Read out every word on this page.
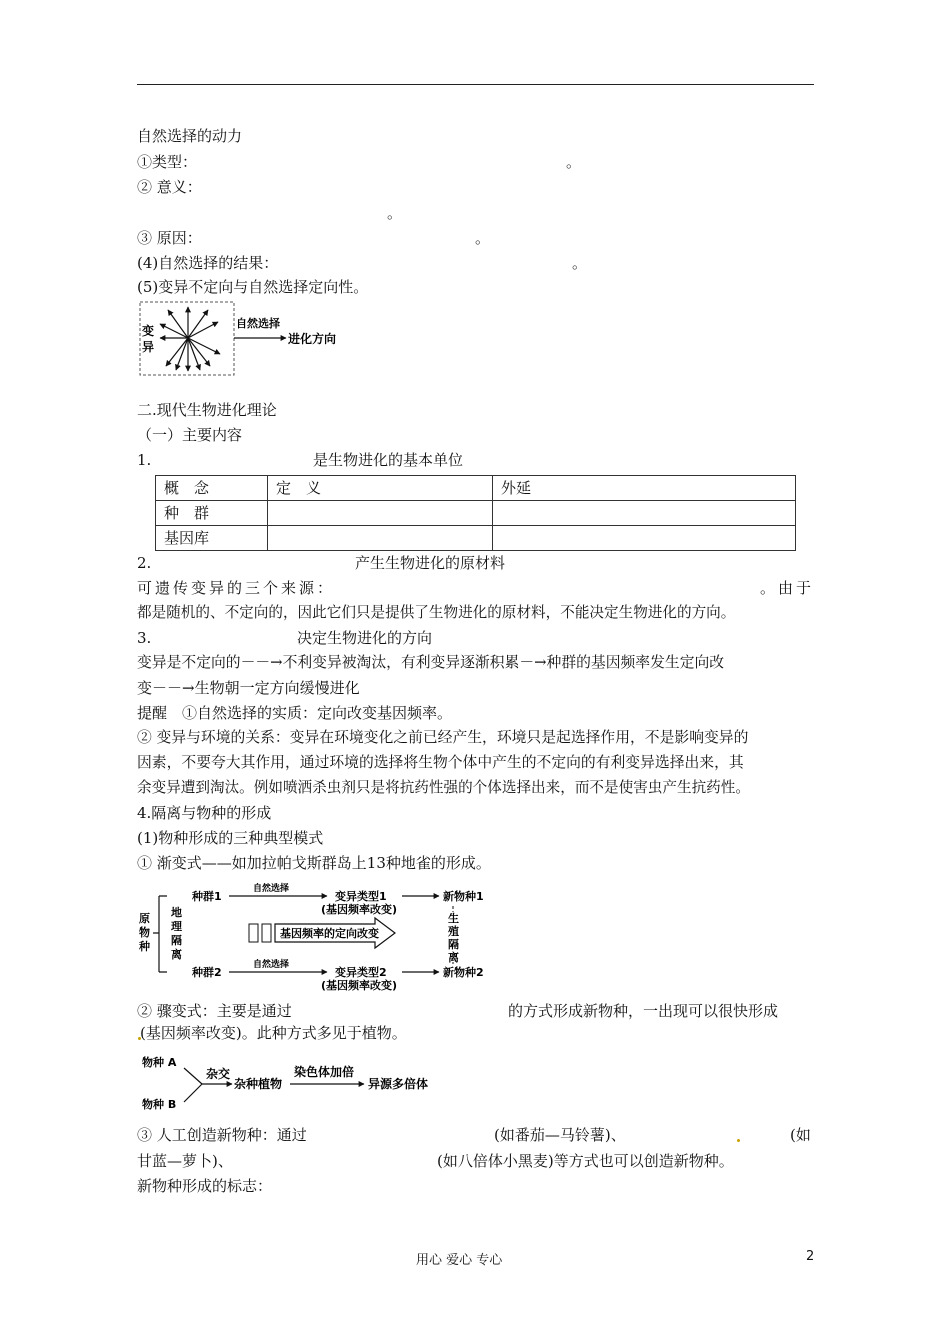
自然选择的动力
①类型：	。
② 意义：
。
③ 原因：	。
(4)自然选择的结果：	。
(5)变异不定向与自然选择定向性。
变
异
自然选择
进化方向
二.现代生物进化理论
（一）主要内容
1.	是生物进化的基本单位
概　念	定　义	外延
种　群		
基因库		
2.	产生生物进化的原材料
可遗传变异的三个来源：	。由于
都是随机的、不定向的，因此它们只是提供了生物进化的原材料，不能决定生物进化的方向。
3.	决定生物进化的方向
变异是不定向的－－→不利变异被淘汰，有利变异逐渐积累－→种群的基因频率发生定向改
变－－→生物朝一定方向缓慢进化
提醒　①自然选择的实质：定向改变基因频率。
② 变异与环境的关系：变异在环境变化之前已经产生，环境只是起选择作用，不是影响变异的
因素，不要夸大其作用，通过环境的选择将生物个体中产生的不定向的有利变异选择出来，其
余变异遭到淘汰。例如喷洒杀虫剂只是将抗药性强的个体选择出来，而不是使害虫产生抗药性。
4.隔离与物种的形成
(1)物种形成的三种典型模式
① 渐变式——如加拉帕戈斯群岛上13种地雀的形成。
原
物
种
地
理
隔
离
种群1
种群2
自然选择
自然选择
变异类型1
(基因频率改变)
变异类型2
(基因频率改变)
新物种1
新物种2
基因频率的定向改变
生
殖
隔
离
② 骤变式：主要是通过	的方式形成新物种，一出现可以很快形成
(基因频率改变)。此种方式多见于植物。
物种 A
物种 B
杂交
杂种植物
染色体加倍
异源多倍体
③ 人工创造新物种：通过	(如番茄—马铃薯)、	(如
甘蓝—萝卜)、	(如八倍体小黑麦)等方式也可以创造新物种。
新物种形成的标志：
用心 爱心 专心	2
